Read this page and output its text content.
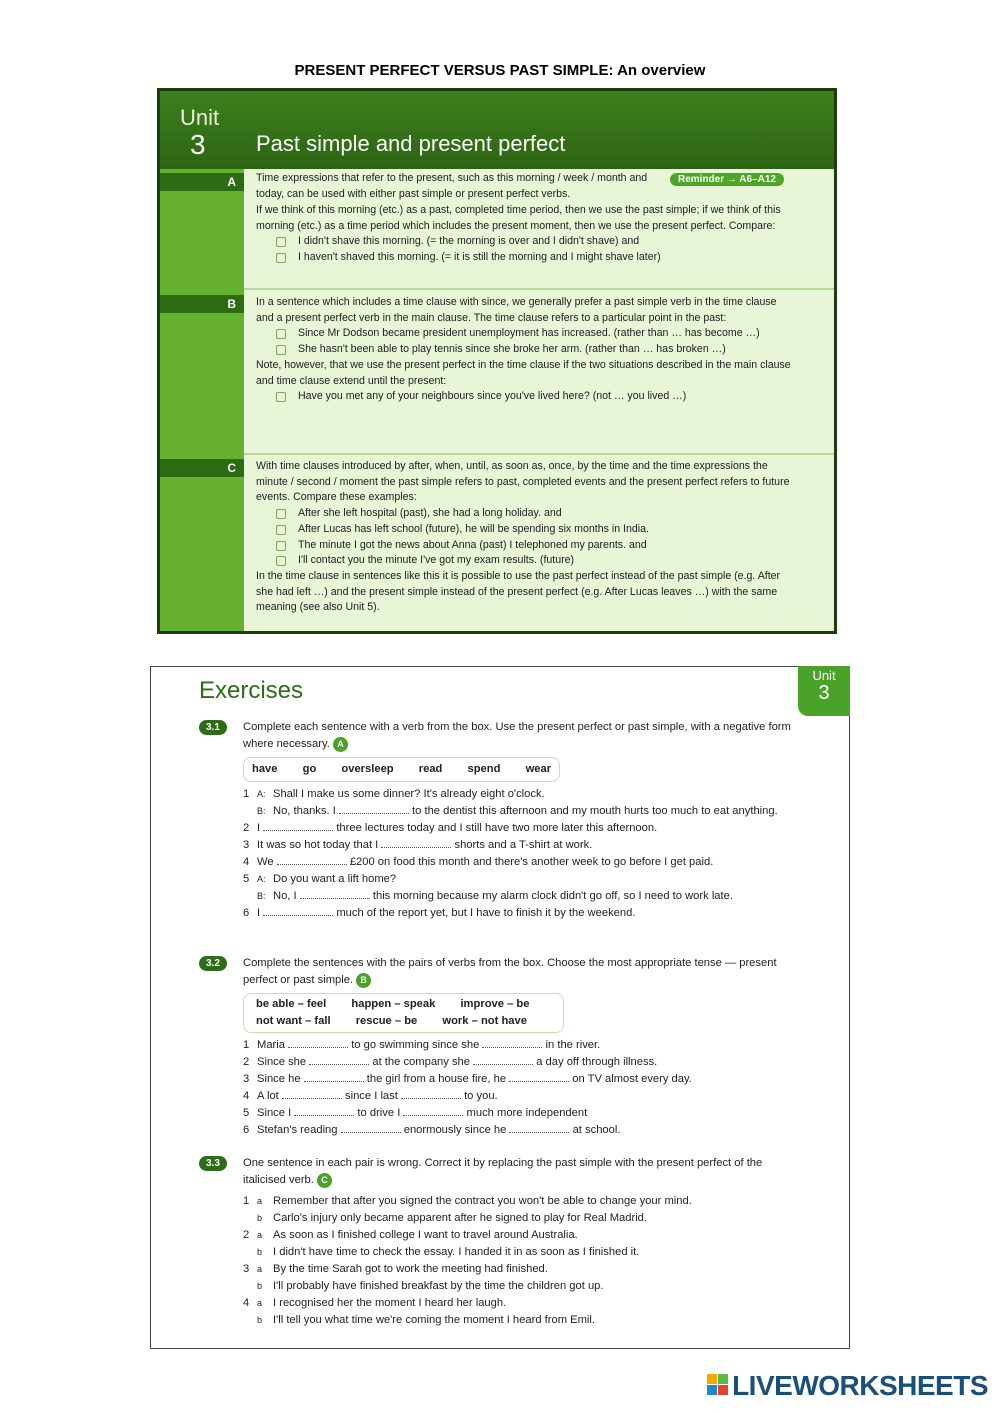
PRESENT PERFECT VERSUS PAST SIMPLE: An overview
Unit
3 Past simple and present perfect
Reminder → A6–A12
A	Time expressions that refer to the present, such as this morning / week / month and today, can be used with either past simple or present perfect verbs.

If we think of this morning (etc.) as a past, completed time period, then we use the past simple; if we think of this morning (etc.) as a time period which includes the present moment, then we use the present perfect. Compare:

I didn't shave this morning. (= the morning is over and I didn't shave) and
I haven't shaved this morning. (= it is still the morning and I might shave later)
B	In a sentence which includes a time clause with since, we generally prefer a past simple verb in the time clause and a present perfect verb in the main clause. The time clause refers to a particular point in the past:

Since Mr Dodson became president unemployment has increased. (rather than … has become …)
She hasn't been able to play tennis since she broke her arm. (rather than … has broken …)

Note, however, that we use the present perfect in the time clause if the two situations described in the main clause and time clause extend until the present:

Have you met any of your neighbours since you've lived here? (not … you lived …)
C	With time clauses introduced by after, when, until, as soon as, once, by the time and the time expressions the minute / second / moment the past simple refers to past, completed events and the present perfect refers to future events. Compare these examples:

After she left hospital (past), she had a long holiday. and
After Lucas has left school (future), he will be spending six months in India.
The minute I got the news about Anna (past) I telephoned my parents. and
I'll contact you the minute I've got my exam results. (future)

In the time clause in sentences like this it is possible to use the past perfect instead of the past simple (e.g. After she had left …) and the present simple instead of the present perfect (e.g. After Lucas leaves …) with the same meaning (see also Unit 5).

Exercises
Unit
3
3.1	Complete each sentence with a verb from the box. Use the present perfect or past simple, with a negative form where necessary. A
have go oversleep read spend wear
1 A: Shall I make us some dinner? It's already eight o'clock.
B: No, thanks. I	to the dentist this afternoon and my mouth hurts too much to eat anything.
2 I	three lectures today and I still have two more later this afternoon.
3 It was so hot today that I	shorts and a T-shirt at work.
4 We	£200 on food this month and there's another week to go before I get paid.
5 A: Do you want a lift home?
B: No, I	this morning because my alarm clock didn't go off, so I need to work late.
6 I	much of the report yet, but I have to finish it by the weekend.
3.2	Complete the sentences with the pairs of verbs from the box. Choose the most appropriate tense — present perfect or past simple. B
be able – feel happen – speak improve – be
not want – fall rescue – be work – not have
1 Maria	to go swimming since she	in the river.
2 Since she	at the company she	a day off through illness.
3 Since he	the girl from a house fire, he	on TV almost every day.
4 A lot	since I last	to you.
5 Since I	to drive I	much more independent
6 Stefan's reading	enormously since he	at school.
3.3	One sentence in each pair is wrong. Correct it by replacing the past simple with the present perfect of the italicised verb. C
1 a Remember that after you signed the contract you won't be able to change your mind.
b Carlo's injury only became apparent after he signed to play for Real Madrid.
2 a As soon as I finished college I want to travel around Australia.
b I didn't have time to check the essay. I handed it in as soon as I finished it.
3 a By the time Sarah got to work the meeting had finished.
b I'll probably have finished breakfast by the time the children got up.
4 a I recognised her the moment I heard her laugh.
b I'll tell you what time we're coming the moment I heard from Emil.
LIVEWORKSHEETS
